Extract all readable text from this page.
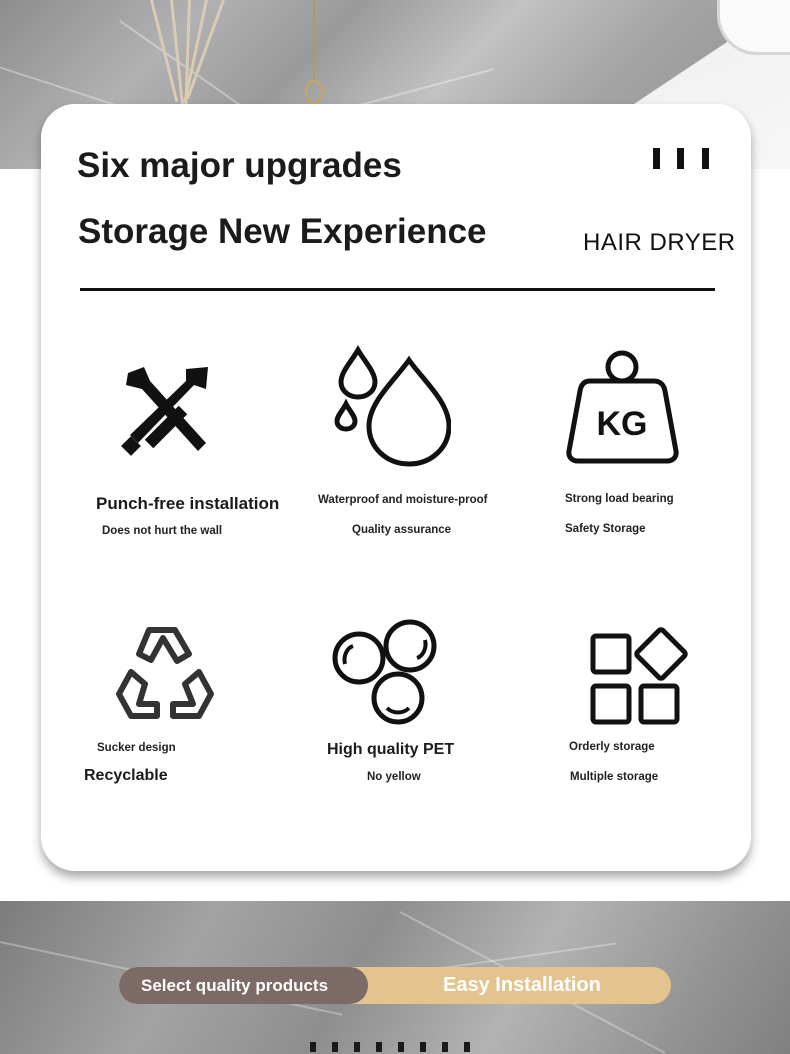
Six major upgrades
Storage New Experience	HAIR DRYER
Punch-free installation
Does not hurt the wall
Waterproof and moisture-proof
Quality assurance
KG
Strong load bearing
Safety Storage
Sucker design
Recyclable
High quality PET
No yellow
Orderly storage
Multiple storage
Select quality products	Easy Installation
